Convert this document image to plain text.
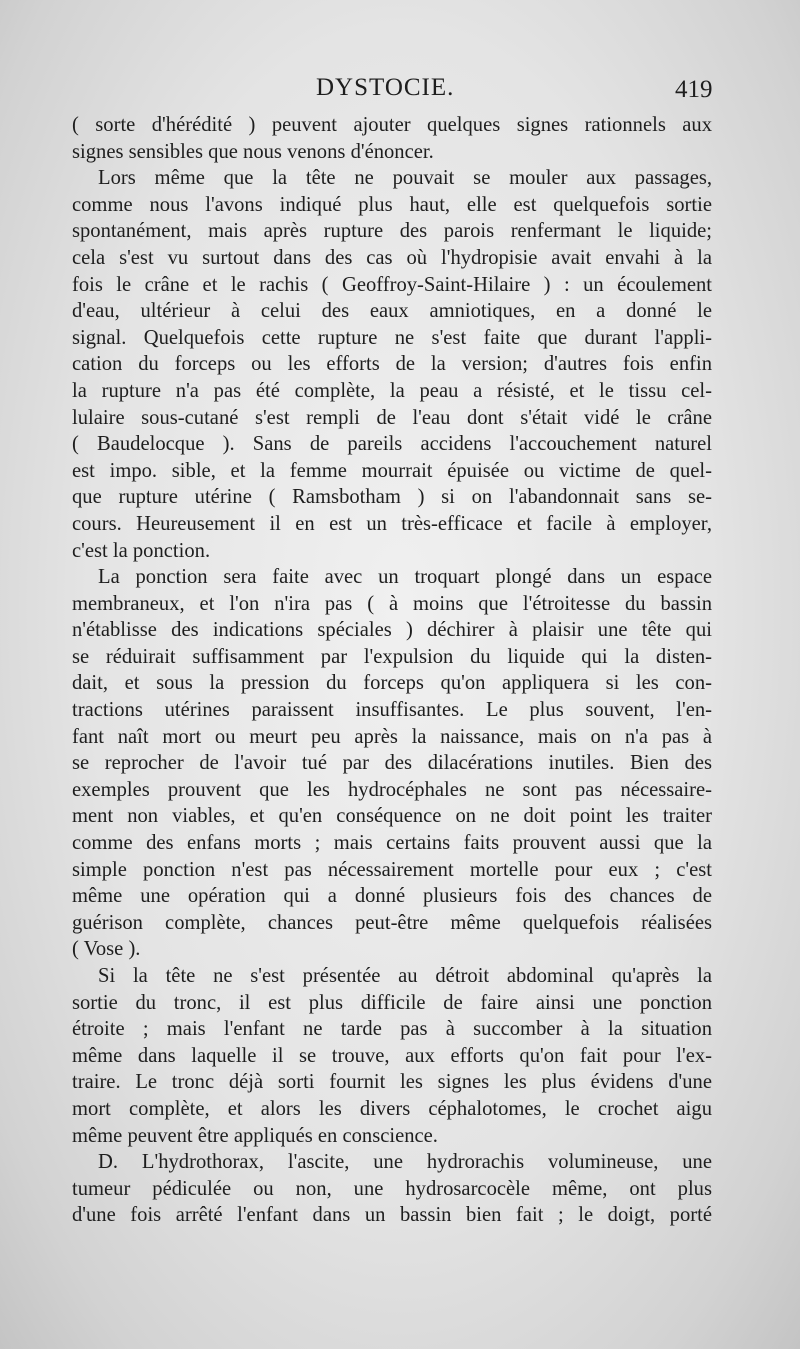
DYSTOCIE.	419
( sorte d'hérédité ) peuvent ajouter quelques signes rationnels aux
signes sensibles que nous venons d'énoncer.
Lors même que la tête ne pouvait se mouler aux passages,
comme nous l'avons indiqué plus haut, elle est quelquefois sortie
spontanément, mais après rupture des parois renfermant le liquide;
cela s'est vu surtout dans des cas où l'hydropisie avait envahi à la
fois le crâne et le rachis ( Geoffroy-Saint-Hilaire ) : un écoulement
d'eau, ultérieur à celui des eaux amniotiques, en a donné le
signal. Quelquefois cette rupture ne s'est faite que durant l'appli-
cation du forceps ou les efforts de la version; d'autres fois enfin
la rupture n'a pas été complète, la peau a résisté, et le tissu cel-
lulaire sous-cutané s'est rempli de l'eau dont s'était vidé le crâne
( Baudelocque ). Sans de pareils accidens l'accouchement naturel
est impo. sible, et la femme mourrait épuisée ou victime de quel-
que rupture utérine ( Ramsbotham ) si on l'abandonnait sans se-
cours. Heureusement il en est un très-efficace et facile à employer,
c'est la ponction.
La ponction sera faite avec un troquart plongé dans un espace
membraneux, et l'on n'ira pas ( à moins que l'étroitesse du bassin
n'établisse des indications spéciales ) déchirer à plaisir une tête qui
se réduirait suffisamment par l'expulsion du liquide qui la disten-
dait, et sous la pression du forceps qu'on appliquera si les con-
tractions utérines paraissent insuffisantes. Le plus souvent, l'en-
fant naît mort ou meurt peu après la naissance, mais on n'a pas à
se reprocher de l'avoir tué par des dilacérations inutiles. Bien des
exemples prouvent que les hydrocéphales ne sont pas nécessaire-
ment non viables, et qu'en conséquence on ne doit point les traiter
comme des enfans morts ; mais certains faits prouvent aussi que la
simple ponction n'est pas nécessairement mortelle pour eux ; c'est
même une opération qui a donné plusieurs fois des chances de
guérison complète, chances peut-être même quelquefois réalisées
( Vose ).
Si la tête ne s'est présentée au détroit abdominal qu'après la
sortie du tronc, il est plus difficile de faire ainsi une ponction
étroite ; mais l'enfant ne tarde pas à succomber à la situation
même dans laquelle il se trouve, aux efforts qu'on fait pour l'ex-
traire. Le tronc déjà sorti fournit les signes les plus évidens d'une
mort complète, et alors les divers céphalotomes, le crochet aigu
même peuvent être appliqués en conscience.
D. L'hydrothorax, l'ascite, une hydrorachis volumineuse, une
tumeur pédiculée ou non, une hydrosarcocèle même, ont plus
d'une fois arrêté l'enfant dans un bassin bien fait ; le doigt, porté
